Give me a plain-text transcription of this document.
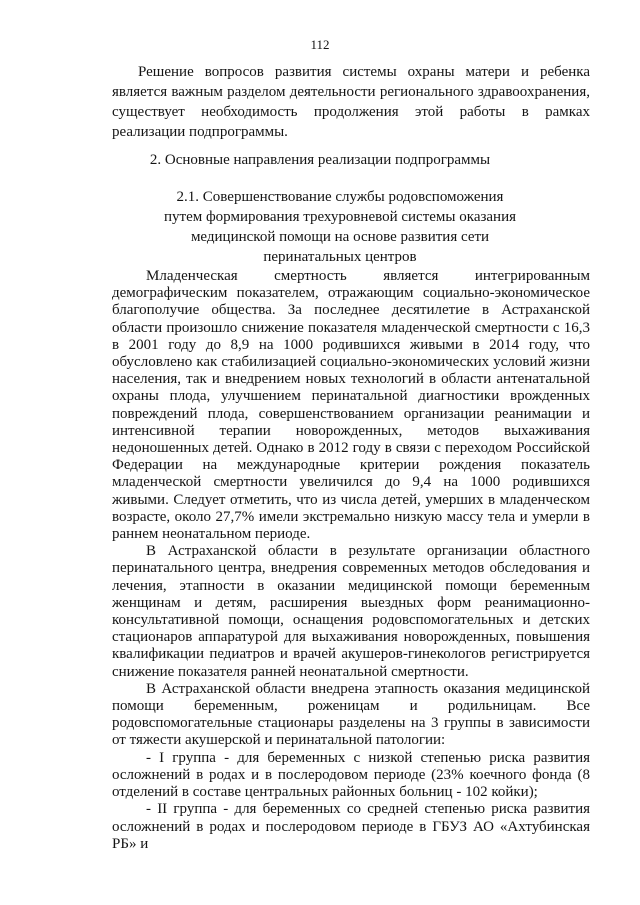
112

Решение вопросов развития системы охраны матери и ребенка является важным разделом деятельности регионального здравоохранения, существует необходимость продолжения этой работы в рамках реализации подпрограммы.

2. Основные направления реализации подпрограммы
2.1. Совершенствование службы родовспоможения
путем формирования трехуровневой системы оказания
медицинской помощи на основе развития сети
перинатальных центров

Младенческая смертность является интегрированным демографическим показателем, отражающим социально-экономическое благополучие общества. За последнее десятилетие в Астраханской области произошло снижение показателя младенческой смертности с 16,3 в 2001 году до 8,9 на 1000 родившихся живыми в 2014 году, что обусловлено как стабилизацией социально-экономических условий жизни населения, так и внедрением новых технологий в области антенатальной охраны плода, улучшением перинатальной диагностики врожденных повреждений плода, совершенствованием организации реанимации и интенсивной терапии новорожденных, методов выхаживания недоношенных детей. Однако в 2012 году в связи с переходом Российской Федерации на международные критерии рождения показатель младенческой смертности увеличился до 9,4 на 1000 родившихся живыми. Следует отметить, что из числа детей, умерших в младенческом возрасте, около 27,7% имели экстремально низкую массу тела и умерли в раннем неонатальном периоде.

В Астраханской области в результате организации областного перинатального центра, внедрения современных методов обследования и лечения, этапности в оказании медицинской помощи беременным женщинам и детям, расширения выездных форм реанимационно-консультативной помощи, оснащения родовспомогательных и детских стационаров аппаратурой для выхаживания новорожденных, повышения квалификации педиатров и врачей акушеров-гинекологов регистрируется снижение показателя ранней неонатальной смертности.

В Астраханской области внедрена этапность оказания медицинской помощи беременным, роженицам и родильницам. Все родовспомогательные стационары разделены на 3 группы в зависимости от тяжести акушерской и перинатальной патологии:

- I группа - для беременных с низкой степенью риска развития осложнений в родах и в послеродовом периоде (23% коечного фонда (8 отделений в составе центральных районных больниц - 102 койки);

- II группа - для беременных со средней степенью риска развития осложнений в родах и послеродовом периоде в ГБУЗ АО «Ахтубинская РБ» и
